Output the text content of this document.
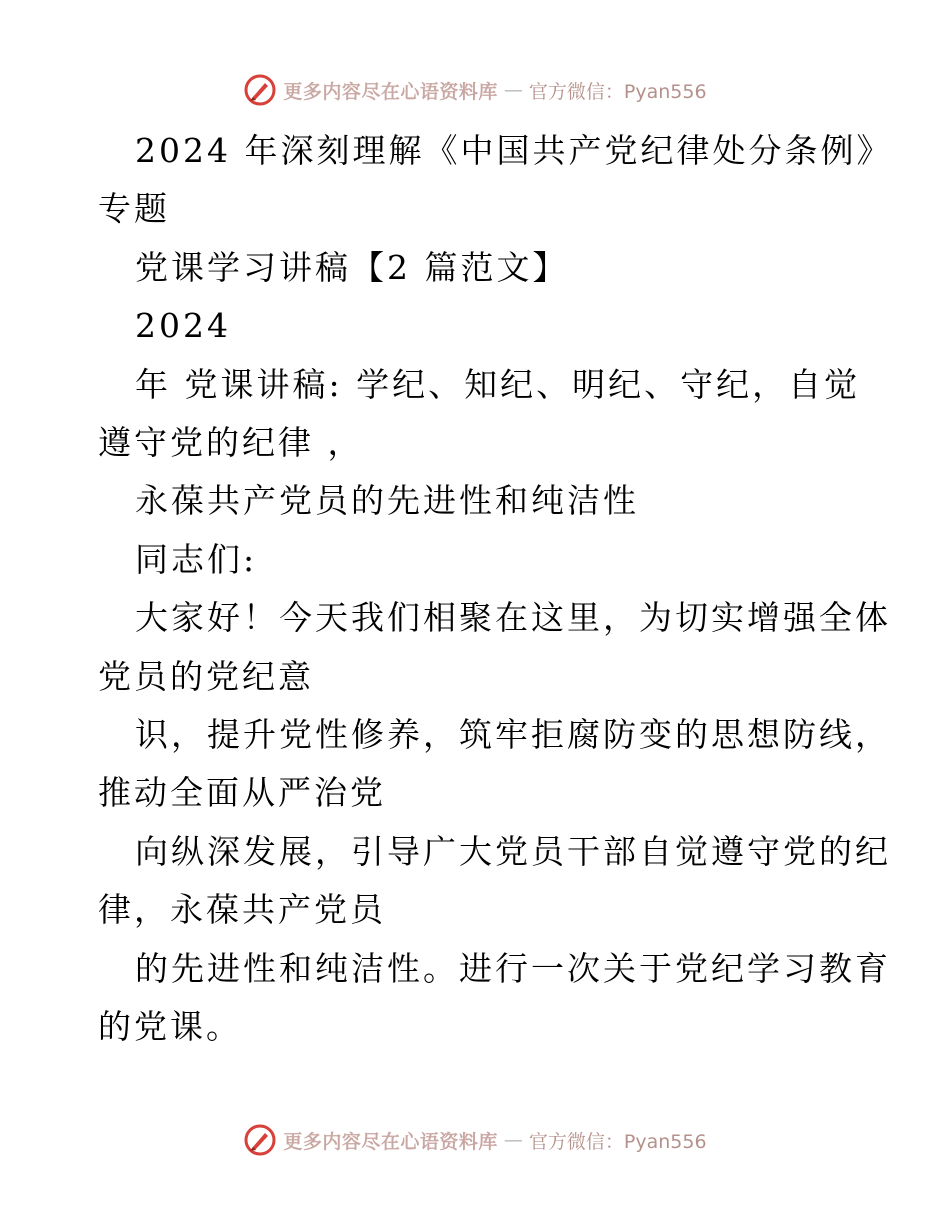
更多内容尽在心语资料库 — 官方微信：Pyan556

2024 年深刻理解《中国共产党纪律处分条例》

专题

党课学习讲稿【2 篇范文】

2024

年 党课讲稿: 学纪、知纪、明纪、守纪，自觉

遵守党的纪律 ，

永葆共产党员的先进性和纯洁性

同志们:

大家好！今天我们相聚在这里，为切实增强全体

党员的党纪意

识，提升党性修养，筑牢拒腐防变的思想防线，

推动全面从严治党

向纵深发展，引导广大党员干部自觉遵守党的纪

律，永葆共产党员

的先进性和纯洁性。进行一次关于党纪学习教育

的党课。

更多内容尽在心语资料库 — 官方微信：Pyan556
